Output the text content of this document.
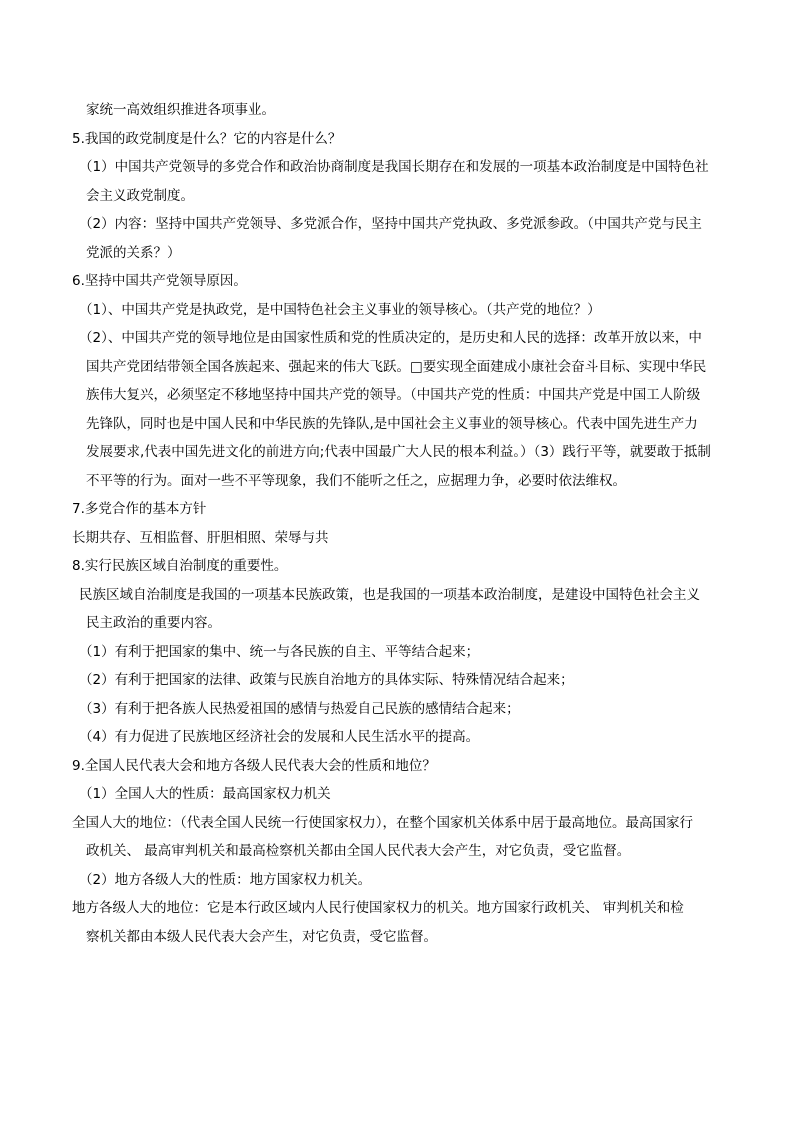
家统一高效组织推进各项事业。
5.我国的政党制度是什么？它的内容是什么？
（1）中国共产党领导的多党合作和政治协商制度是我国长期存在和发展的一项基本政治制度是中国特色社
会主义政党制度。
（2）内容：坚持中国共产党领导、多党派合作，坚持中国共产党执政、多党派参政。（中国共产党与民主
党派的关系？）
6.坚持中国共产党领导原因。
（1）、中国共产党是执政党，是中国特色社会主义事业的领导核心。（共产党的地位？）
（2）、中国共产党的领导地位是由国家性质和党的性质决定的，是历史和人民的选择：改革开放以来，中
国共产党团结带领全国各族起来、强起来的伟大飞跃。□要实现全面建成小康社会奋斗目标、实现中华民
族伟大复兴，必须坚定不移地坚持中国共产党的领导。（中国共产党的性质：中国共产党是中国工人阶级
先锋队，同时也是中国人民和中华民族的先锋队,是中国社会主义事业的领导核心。代表中国先进生产力
发展要求,代表中国先进文化的前进方向;代表中国最广大人民的根本利益。）（3）践行平等，就要敢于抵制
不平等的行为。面对一些不平等现象，我们不能听之任之，应据理力争，必要时依法维权。
7.多党合作的基本方针
长期共存、互相监督、肝胆相照、荣辱与共
8.实行民族区域自治制度的重要性。
民族区域自治制度是我国的一项基本民族政策，也是我国的一项基本政治制度，是建设中国特色社会主义
民主政治的重要内容。
（1）有利于把国家的集中、统一与各民族的自主、平等结合起来；
（2）有利于把国家的法律、政策与民族自治地方的具体实际、特殊情况结合起来；
（3）有利于把各族人民热爱祖国的感情与热爱自己民族的感情结合起来；
（4）有力促进了民族地区经济社会的发展和人民生活水平的提高。
9.全国人民代表大会和地方各级人民代表大会的性质和地位？
（1）全国人大的性质：最高国家权力机关
全国人大的地位：（代表全国人民统一行使国家权力），在整个国家机关体系中居于最高地位。最高国家行
政机关、 最高审判机关和最高检察机关都由全国人民代表大会产生，对它负责，受它监督。
（2）地方各级人大的性质：地方国家权力机关。
地方各级人大的地位：它是本行政区域内人民行使国家权力的机关。地方国家行政机关、 审判机关和检
察机关都由本级人民代表大会产生，对它负责，受它监督。
